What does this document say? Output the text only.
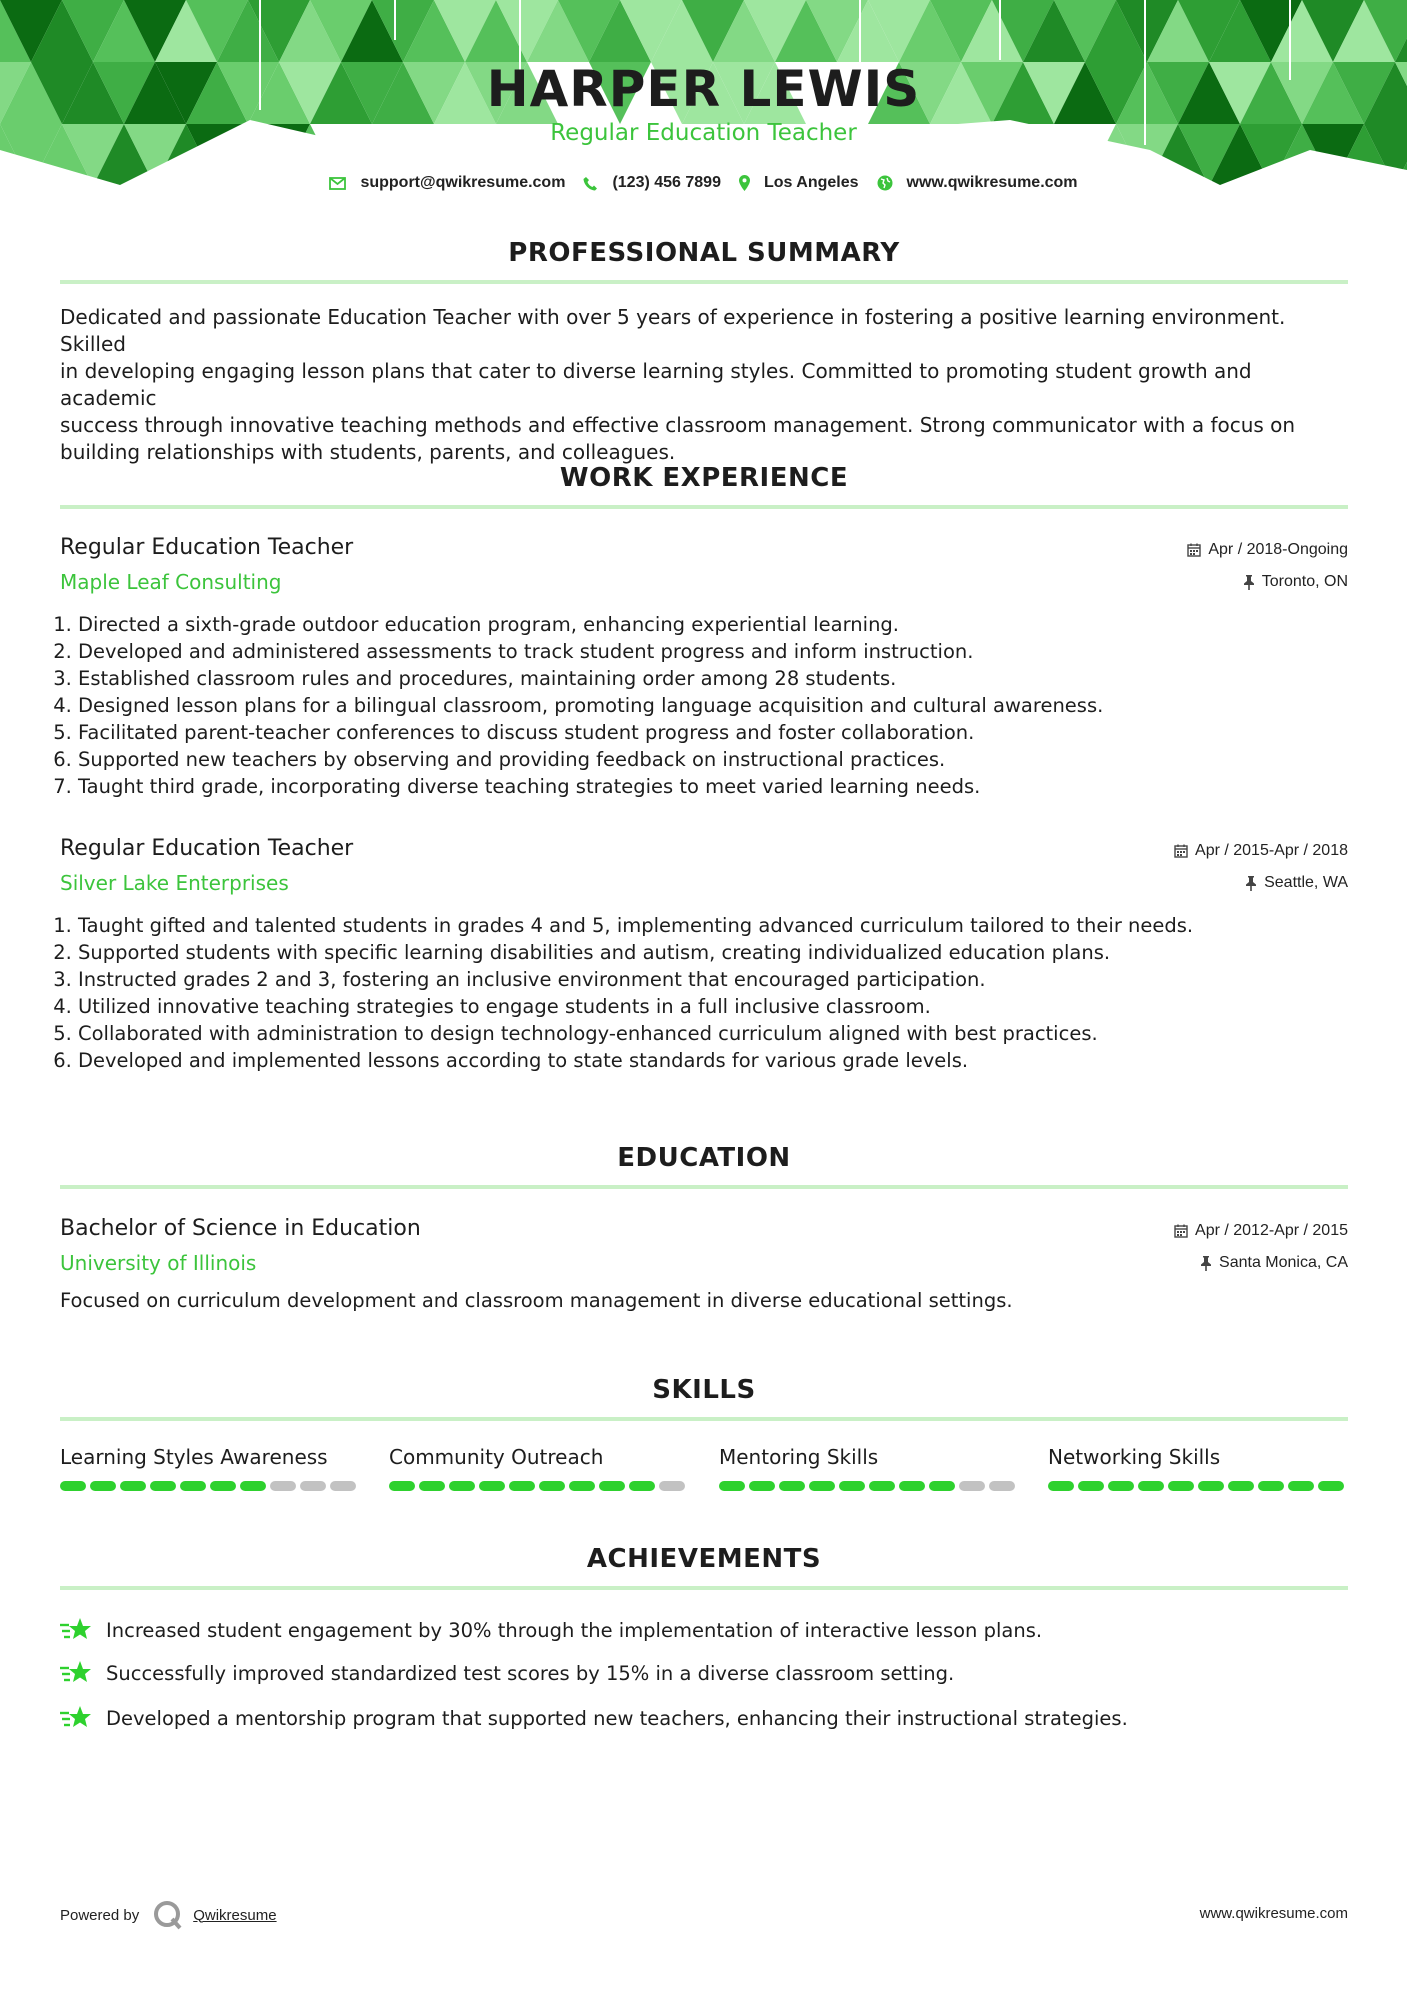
HARPER LEWIS
Regular Education Teacher
support@qwikresume.com	(123) 456 7899	Los Angeles	www.qwikresume.com
PROFESSIONAL SUMMARY
Dedicated and passionate Education Teacher with over 5 years of experience in fostering a positive learning environment. Skilled
in developing engaging lesson plans that cater to diverse learning styles. Committed to promoting student growth and academic
success through innovative teaching methods and effective classroom management. Strong communicator with a focus on
building relationships with students, parents, and colleagues.
WORK EXPERIENCE
Regular Education Teacher
Maple Leaf Consulting
Apr / 2018-Ongoing
Toronto, ON
1. Directed a sixth-grade outdoor education program, enhancing experiential learning.
2. Developed and administered assessments to track student progress and inform instruction.
3. Established classroom rules and procedures, maintaining order among 28 students.
4. Designed lesson plans for a bilingual classroom, promoting language acquisition and cultural awareness.
5. Facilitated parent-teacher conferences to discuss student progress and foster collaboration.
6. Supported new teachers by observing and providing feedback on instructional practices.
7. Taught third grade, incorporating diverse teaching strategies to meet varied learning needs.
Regular Education Teacher
Silver Lake Enterprises
Apr / 2015-Apr / 2018
Seattle, WA
1. Taught gifted and talented students in grades 4 and 5, implementing advanced curriculum tailored to their needs.
2. Supported students with specific learning disabilities and autism, creating individualized education plans.
3. Instructed grades 2 and 3, fostering an inclusive environment that encouraged participation.
4. Utilized innovative teaching strategies to engage students in a full inclusive classroom.
5. Collaborated with administration to design technology-enhanced curriculum aligned with best practices.
6. Developed and implemented lessons according to state standards for various grade levels.
EDUCATION
Bachelor of Science in Education
University of Illinois
Apr / 2012-Apr / 2015
Santa Monica, CA
Focused on curriculum development and classroom management in diverse educational settings.
SKILLS
Learning Styles Awareness	Community Outreach	Mentoring Skills	Networking Skills
ACHIEVEMENTS
Increased student engagement by 30% through the implementation of interactive lesson plans.
Successfully improved standardized test scores by 15% in a diverse classroom setting.
Developed a mentorship program that supported new teachers, enhancing their instructional strategies.
Powered by	Qwikresume	www.qwikresume.com
